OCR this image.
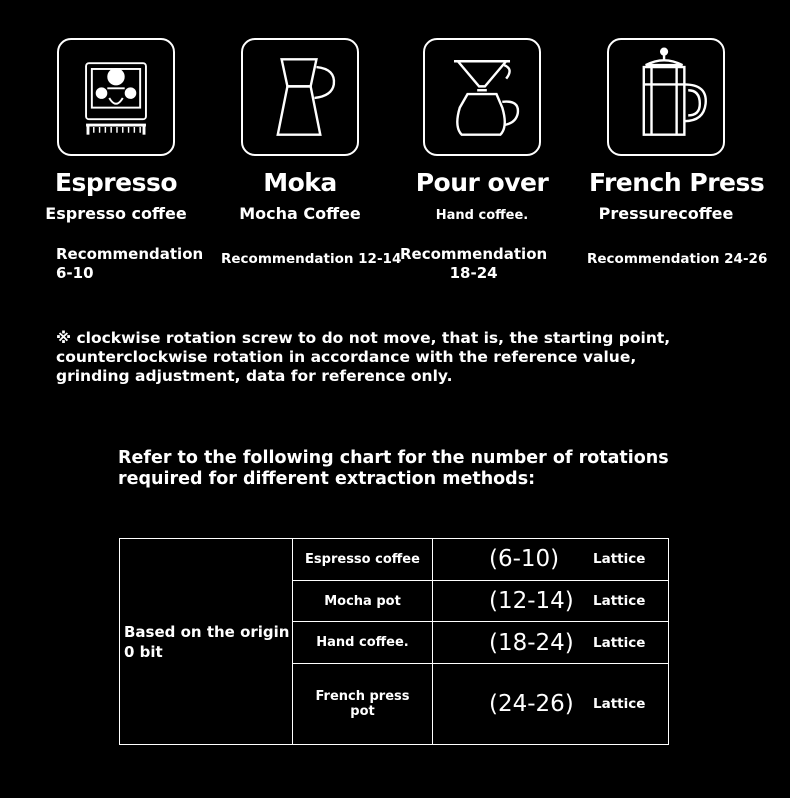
Espresso
Espresso coffee
Recommendation
6-10
Moka
Mocha Coffee
Recommendation 12-14
Pour over
Hand coffee.
Recommendation
18-24
French Press
Pressurecoffee
Recommendation 24-26
※ clockwise rotation screw to do not move, that is, the starting point, counterclockwise rotation in accordance with the reference value, grinding adjustment, data for reference only.
Refer to the following chart for the number of rotations required for different extraction methods:
Based on the origin
0 bit	Espresso coffee	(6-10) Lattice

	Mocha pot	(12-14) Lattice

	Hand coffee.	(18-24) Lattice

	French press
pot	(24-26) Lattice
